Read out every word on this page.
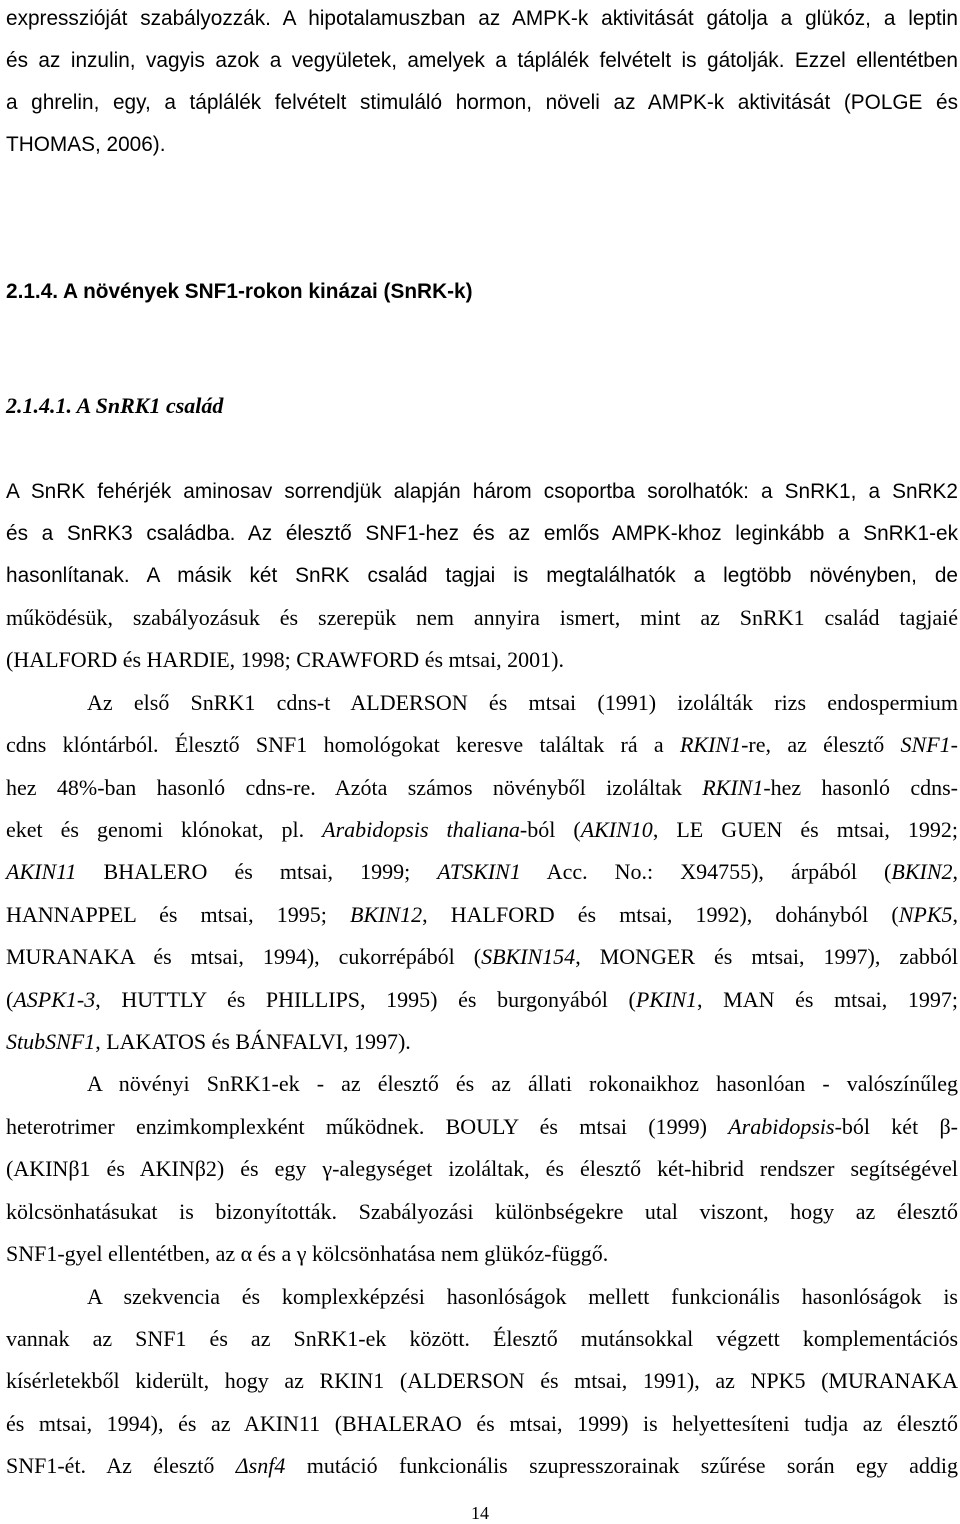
expresszióját szabályozzák. A hipotalamuszban az AMPK-k aktivitását gátolja a glükóz, a leptin
és az inzulin, vagyis azok a vegyületek, amelyek a táplálék felvételt is gátolják. Ezzel ellentétben
a ghrelin, egy, a táplálék felvételt stimuláló hormon, növeli az AMPK-k aktivitását (POLGE és
THOMAS, 2006).
2.1.4. A növények SNF1-rokon kinázai (SnRK-k)
2.1.4.1. A SnRK1 család
A SnRK fehérjék aminosav sorrendjük alapján három csoportba sorolhatók: a SnRK1, a SnRK2
és a SnRK3 családba. Az élesztő SNF1-hez és az emlős AMPK-khoz leginkább a SnRK1-ek
hasonlítanak. A másik két SnRK család tagjai is megtalálhatók a legtöbb növényben, de
működésük, szabályozásuk és szerepük nem annyira ismert, mint az SnRK1 család tagjaié
(HALFORD és HARDIE, 1998; CRAWFORD és mtsai, 2001).
Az első SnRK1 cdns-t ALDERSON és mtsai (1991) izolálták rizs endospermium
cdns klóntárból. Élesztő SNF1 homológokat keresve találtak rá a RKIN1-re, az élesztő SNF1-
hez 48%-ban hasonló cdns-re. Azóta számos növényből izoláltak RKIN1-hez hasonló cdns-
eket és genomi klónokat, pl. Arabidopsis thaliana-ból (AKIN10, LE GUEN és mtsai, 1992;
AKIN11 BHALERO és mtsai, 1999; ATSKIN1 Acc. No.: X94755), árpából (BKIN2,
HANNAPPEL és mtsai, 1995; BKIN12, HALFORD és mtsai, 1992), dohányból (NPK5,
MURANAKA és mtsai, 1994), cukorrépából (SBKIN154, MONGER és mtsai, 1997), zabból
(ASPK1-3, HUTTLY és PHILLIPS, 1995) és burgonyából (PKIN1, MAN és mtsai, 1997;
StubSNF1, LAKATOS és BÁNFALVI, 1997).
A növényi SnRK1-ek - az élesztő és az állati rokonaikhoz hasonlóan - valószínűleg
heterotrimer enzimkomplexként működnek. BOULY és mtsai (1999) Arabidopsis-ból két β-
(AKINβ1 és AKINβ2) és egy γ-alegységet izoláltak, és élesztő két-hibrid rendszer segítségével
kölcsönhatásukat is bizonyították. Szabályozási különbségekre utal viszont, hogy az élesztő
SNF1-gyel ellentétben, az α és a γ kölcsönhatása nem glükóz-függő.
A szekvencia és komplexképzési hasonlóságok mellett funkcionális hasonlóságok is
vannak az SNF1 és az SnRK1-ek között. Élesztő mutánsokkal végzett komplementációs
kísérletekből kiderült, hogy az RKIN1 (ALDERSON és mtsai, 1991), az NPK5 (MURANAKA
és mtsai, 1994), és az AKIN11 (BHALERAO és mtsai, 1999) is helyettesíteni tudja az élesztő
SNF1-ét. Az élesztő Δsnf4 mutáció funkcionális szupresszorainak szűrése során egy addig
14
